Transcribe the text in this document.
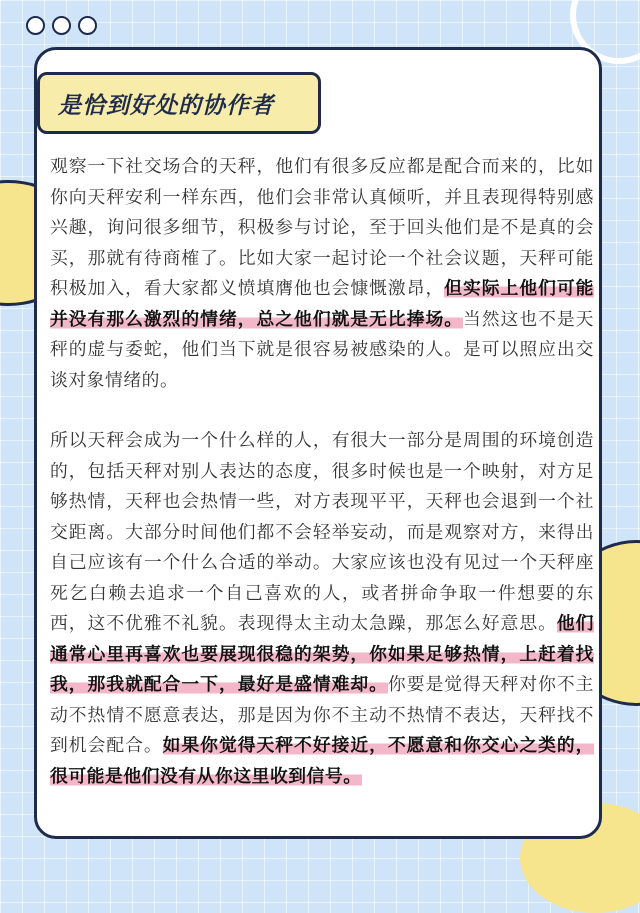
是恰到好处的协作者

观察一下社交场合的天秤，他们有很多反应都是配合而来的，比如你向天秤安利一样东西，他们会非常认真倾听，并且表现得特别感兴趣，询问很多细节，积极参与讨论，至于回头他们是不是真的会买，那就有待商榷了。比如大家一起讨论一个社会议题，天秤可能积极加入，看大家都义愤填膺他也会慷慨激昂，但实际上他们可能并没有那么激烈的情绪，总之他们就是无比捧场。当然这也不是天秤的虚与委蛇，他们当下就是很容易被感染的人。是可以照应出交谈对象情绪的。

所以天秤会成为一个什么样的人，有很大一部分是周围的环境创造的，包括天秤对别人表达的态度，很多时候也是一个映射，对方足够热情，天秤也会热情一些，对方表现平平，天秤也会退到一个社交距离。大部分时间他们都不会轻举妄动，而是观察对方，来得出自己应该有一个什么合适的举动。大家应该也没有见过一个天秤座死乞白赖去追求一个自己喜欢的人，或者拼命争取一件想要的东西，这不优雅不礼貌。表现得太主动太急躁，那怎么好意思。他们通常心里再喜欢也要展现很稳的架势，你如果足够热情，上赶着找我，那我就配合一下，最好是盛情难却。你要是觉得天秤对你不主动不热情不愿意表达，那是因为你不主动不热情不表达，天秤找不到机会配合。如果你觉得天秤不好接近，不愿意和你交心之类的，很可能是他们没有从你这里收到信号。
